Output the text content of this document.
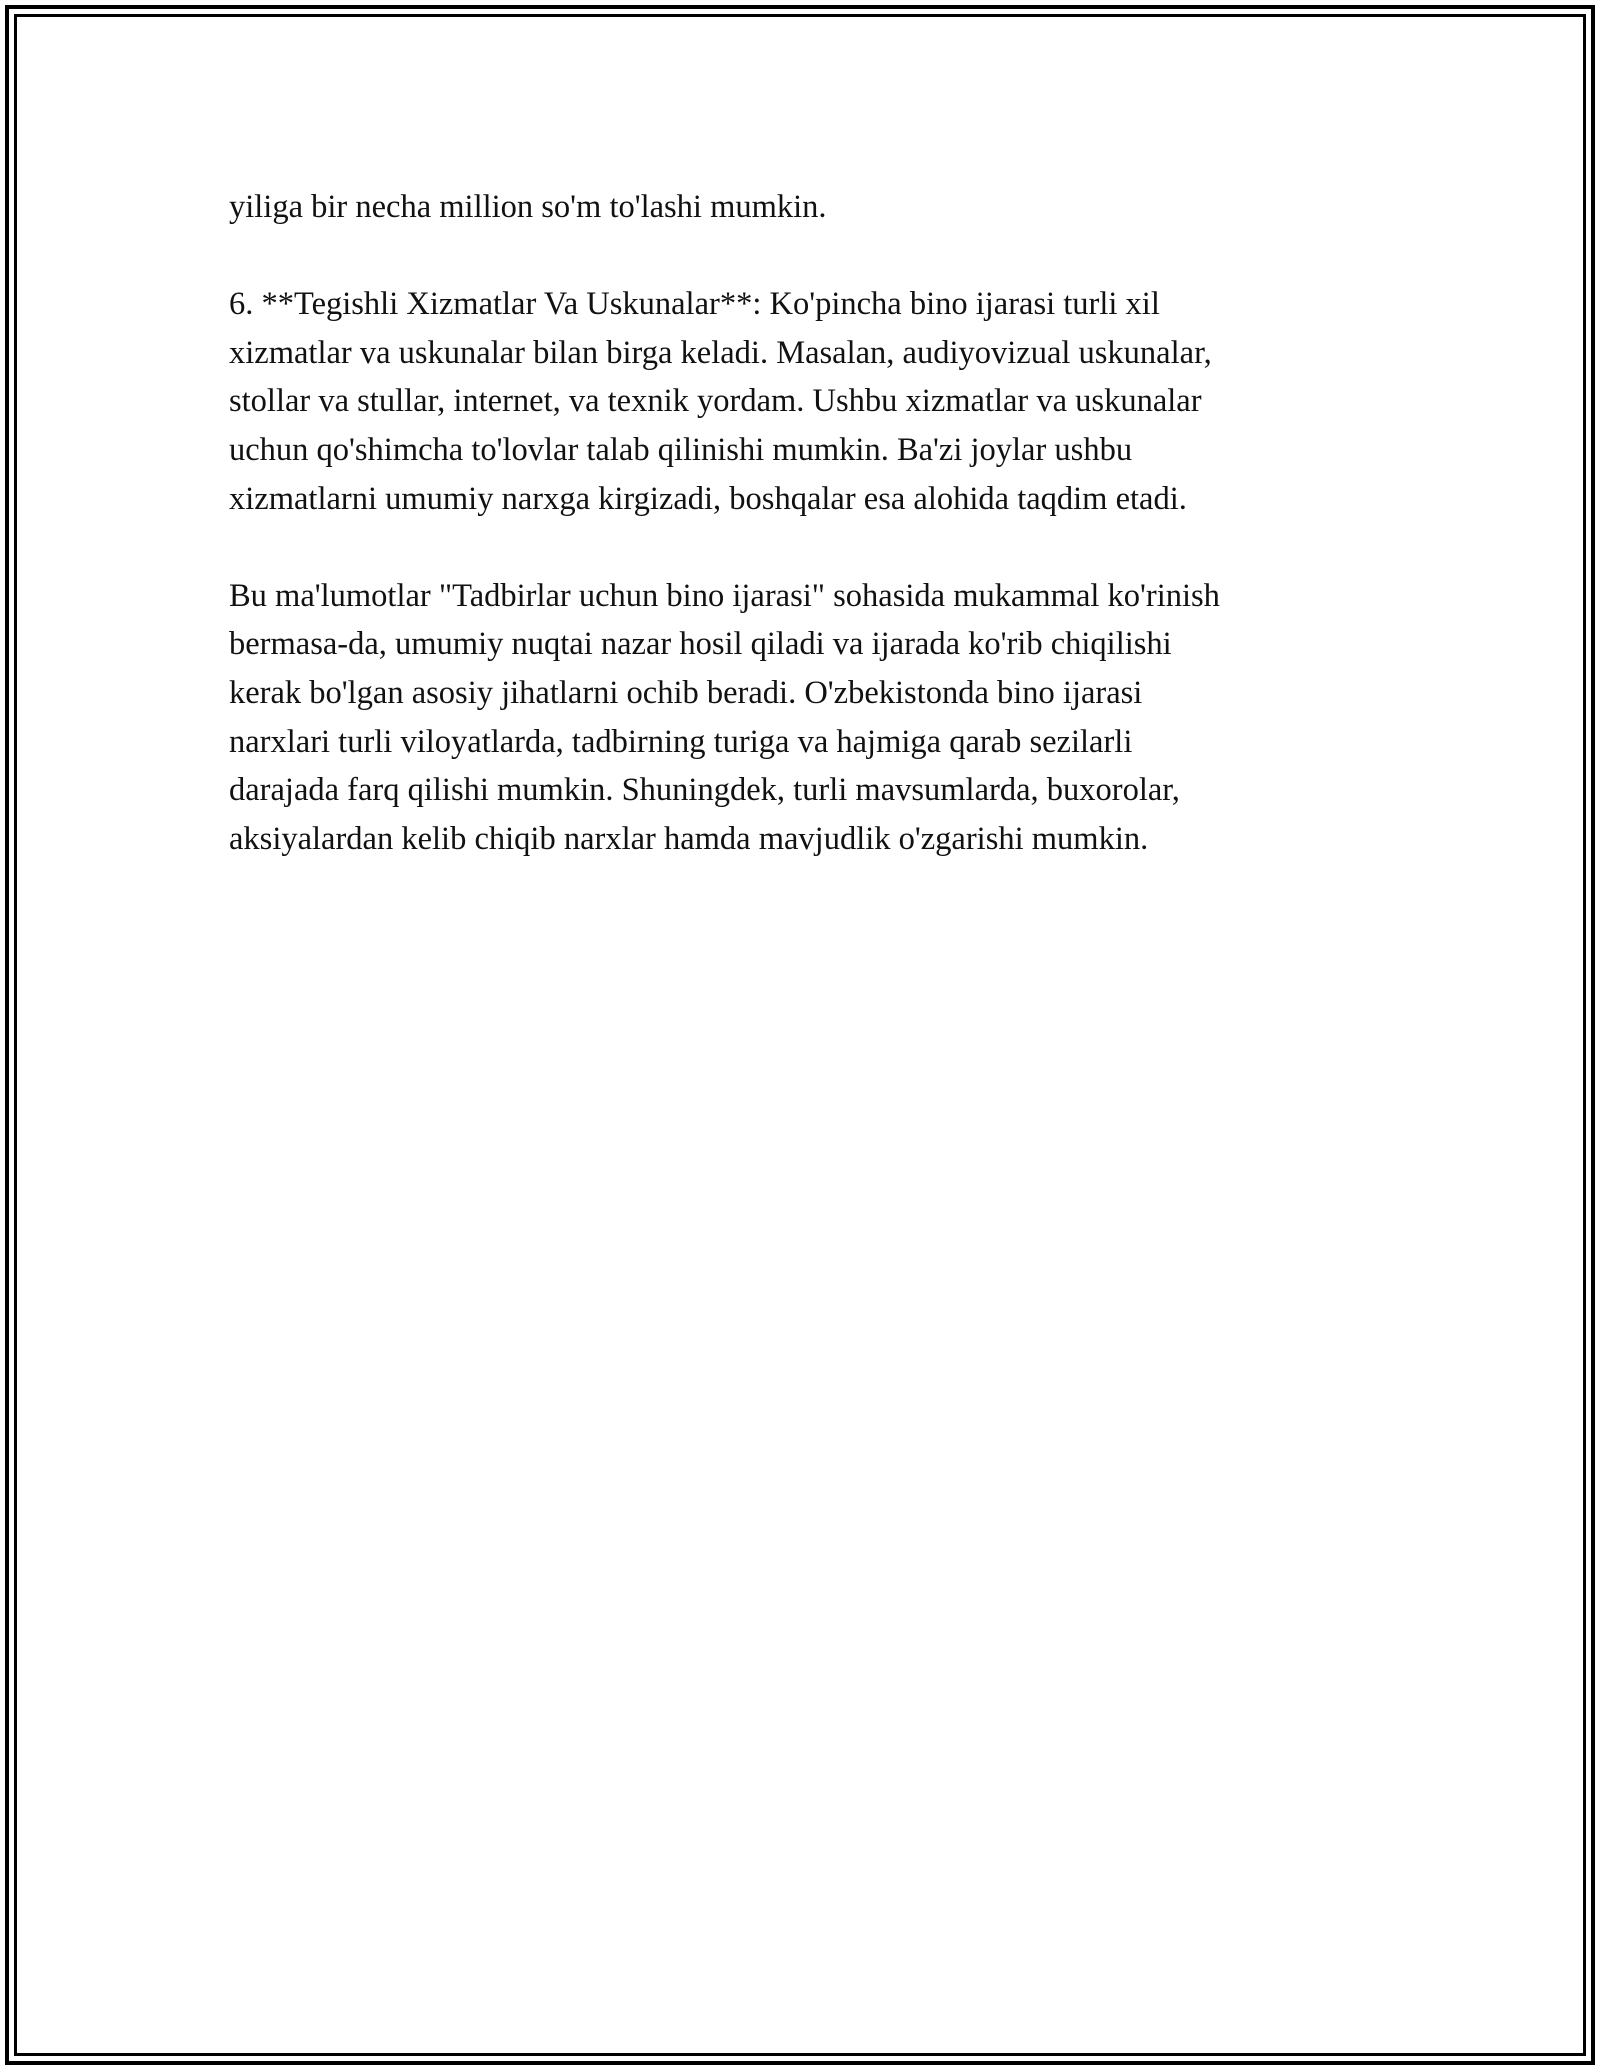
yiliga bir necha million so'm to'lashi mumkin.

6. **Tegishli Xizmatlar Va Uskunalar**: Ko'pincha bino ijarasi turli xil
xizmatlar va uskunalar bilan birga keladi. Masalan, audiyovizual uskunalar,
stollar va stullar, internet, va texnik yordam. Ushbu xizmatlar va uskunalar
uchun qo'shimcha to'lovlar talab qilinishi mumkin. Ba'zi joylar ushbu
xizmatlarni umumiy narxga kirgizadi, boshqalar esa alohida taqdim etadi.

Bu ma'lumotlar "Tadbirlar uchun bino ijarasi" sohasida mukammal ko'rinish
bermasa-da, umumiy nuqtai nazar hosil qiladi va ijarada ko'rib chiqilishi
kerak bo'lgan asosiy jihatlarni ochib beradi. O'zbekistonda bino ijarasi
narxlari turli viloyatlarda, tadbirning turiga va hajmiga qarab sezilarli
darajada farq qilishi mumkin. Shuningdek, turli mavsumlarda, buxorolar,
aksiyalardan kelib chiqib narxlar hamda mavjudlik o'zgarishi mumkin.
